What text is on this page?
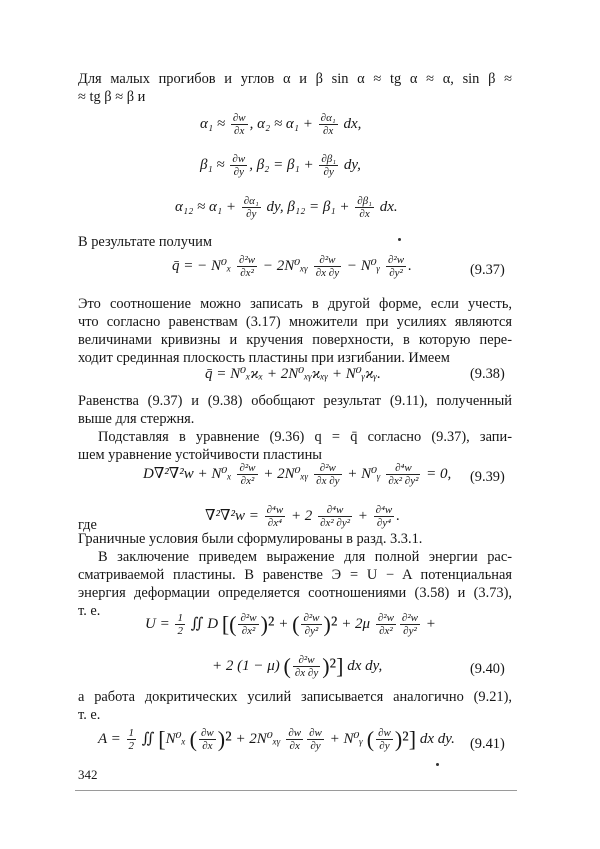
Для малых прогибов и углов α и β sin α ≈ tg α ≈ α, sin β ≈
≈ tg β ≈ β и
$\alpha_1 \approx \frac{\partial w}{\partial x}$ , $\alpha_2 \approx \alpha_1 + \frac{\text{∂α₁}}{\partial x}$ dx,
$\beta_1 \approx \frac{\partial w}{\partial y}$ , $\beta_2 = \beta_1 + \frac{\text{∂β₁}}{\partial y}$ dy,
$\alpha_{12} \approx \alpha_1 + \frac{\text{∂α₁}}{\partial y}$ dy, $\beta_{12} = \beta_1 + \frac{\text{∂β₁}}{\partial x}$ dx.
В результате получим
q̄ = − $N^0_x \frac{\text{∂²w}}{\text{∂x²}}$ − 2N⁰ₓᵧ $\frac{\text{∂²w}}{\partial x \partial y}$ − N⁰ᵧ $\frac{\text{∂²w}}{\text{∂y²}}$ .	(9.37)
Это соотношение можно записать в другой форме, если учесть,
что согласно равенствам (3.17) множители при усилиях являются
величинами кривизны и кручения поверхности, в которую пере-
ходит срединная плоскость пластины при изгибании. Имеем
q̄ = N⁰ₓϰₓ + 2N⁰ₓᵧϰₓᵧ + N⁰ᵧϰᵧ.	(9.38)
Равенства (9.37) и (9.38) обобщают результат (9.11), полученный
выше для стержня.
Подставляя в уравнение (9.36) q = q̄ согласно (9.37), запи-
шем уравнение устойчивости пластины
$D\nabla^2\nabla^2w + N^0_x \frac{\text{∂²w}}{\text{∂x²}}$ + 2N⁰ₓᵧ $\frac{\text{∂²w}}{\partial x \partial y}$ + N⁰ᵧ $\frac{\text{∂⁴w}}{\text{∂x² ∂y²}} = 0$, (9.39)
где
$\nabla^2\nabla^2w = \frac{\text{∂⁴w}}{\text{∂x⁴}} + 2 \frac{\text{∂⁴w}}{\text{∂x² ∂y²}} + \frac{\text{∂⁴w}}{\text{∂y⁴}}$ .
Граничные условия были сформулированы в разд. 3.3.1.
В заключение приведем выражение для полной энергии рас-
сматриваемой пластины. В равенстве Э = U − A потенциальная
энергия деформации определяется соотношениями (3.58) и (3.73),
т. е.
$U = \frac{1}{2}$ ∬ D [( $\frac{\text{∂²w}}{\text{∂x²}} )^2$ + ( $\frac{\text{∂²w}}{\text{∂y²}} )^2 + 2\mu \frac{\text{∂²w}}{\text{∂x²}} \frac{\text{∂²w}}{\text{∂y²}}$ +
+ 2 (1 − μ) ( $\frac{\text{∂²w}}{\partial x \partial y} )^2$] dx dy,	(9.40)
а работа докритических усилий записывается аналогично (9.21),
т. е.
$A = \frac{1}{2}$ ∬ [N⁰ₓ ( $\frac{\partial w}{\partial x} )^2$ + 2N⁰ₓᵧ $\frac{\partial w}{\partial x} \frac{\partial w}{\partial y}$ + N⁰ᵧ ( $\frac{\partial w}{\partial y} )^2$] dx dy. (9.41)
342
